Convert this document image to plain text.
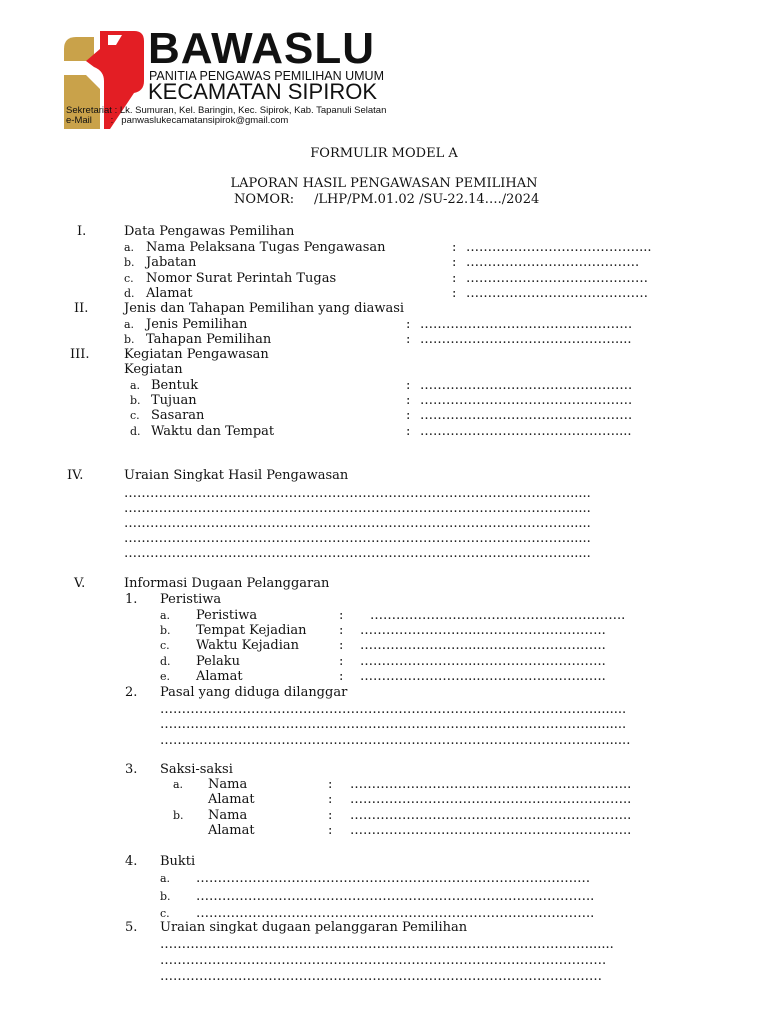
BAWASLU
PANITIA PENGAWAS PEMILIHAN UMUM
KECAMATAN SIPIROK
Sekretariat : Lk. Sumuran, Kel. Baringin, Kec. Sipirok, Kab. Tapanuli Selatan
e-Mail : panwaslukecamatansipirok@gmail.com
FORMULIR MODEL A
LAPORAN HASIL PENGAWASAN PEMILIHAN
NOMOR: /LHP/PM.01.02 /SU-22.14…./2024
I.	Data Pengawas Pemilihan
a. Nama Pelaksana Tugas Pengawasan	: …………………………………....
b. Jabatan	: ………………………………….
c. Nomor Surat Perintah Tugas	: ……………………………………
d. Alamat	: ……………………………………
II.	Jenis dan Tahapan Pemilihan yang diawasi
a. Jenis Pemilihan	: ………………………………………….
b. Tahapan Pemilihan	: ………………………………………....
III.	Kegiatan Pengawasan
Kegiatan
a. Bentuk	: ………………………………………….
b. Tujuan	: ………………………………………….
c. Sasaran	: ………………………………………….
d. Waktu dan Tempat	: ………………………………………....
IV.	Uraian Singkat Hasil Pengawasan
…………………………………………………………………………………………......
…………………………………………………………………………………………......
…………………………………………………………………………………………......
…………………………………………………………………………………………......
…………………………………………………………………………………………......
V.	Informasi Dugaan Pelanggaran
1. Peristiwa
a. Peristiwa	: …………………………………………………..
b. Tempat Kejadian : ……………………....………………………..
c. Waktu Kejadian	: ……………………....………………………..
d. Pelaku	: ……………………....………………………..
e. Alamat	: ……………………....………………………..
2. Pasal yang diduga dilanggar
……………………………………………………………………………………….........
……………………………………………………………………………………….........
………………………………………………………………………………………..........
3. Saksi-saksi
a. Nama	: ………………………………………………………..
Alamat	: ………………………………………………………..
b. Nama	: ………………………………………………………..
Alamat	: ………………………………………………………..
4. Bukti
a. …………………………………………………………………………….…
b. ………………………………………………………………………………..
c. ………………………………………………………………………………..
5. Uraian singkat dugaan pelanggaran Pemilihan
………………………………………………………………………………………......
………………………………………………………………………………………….
…………………………………………………………………………………………
